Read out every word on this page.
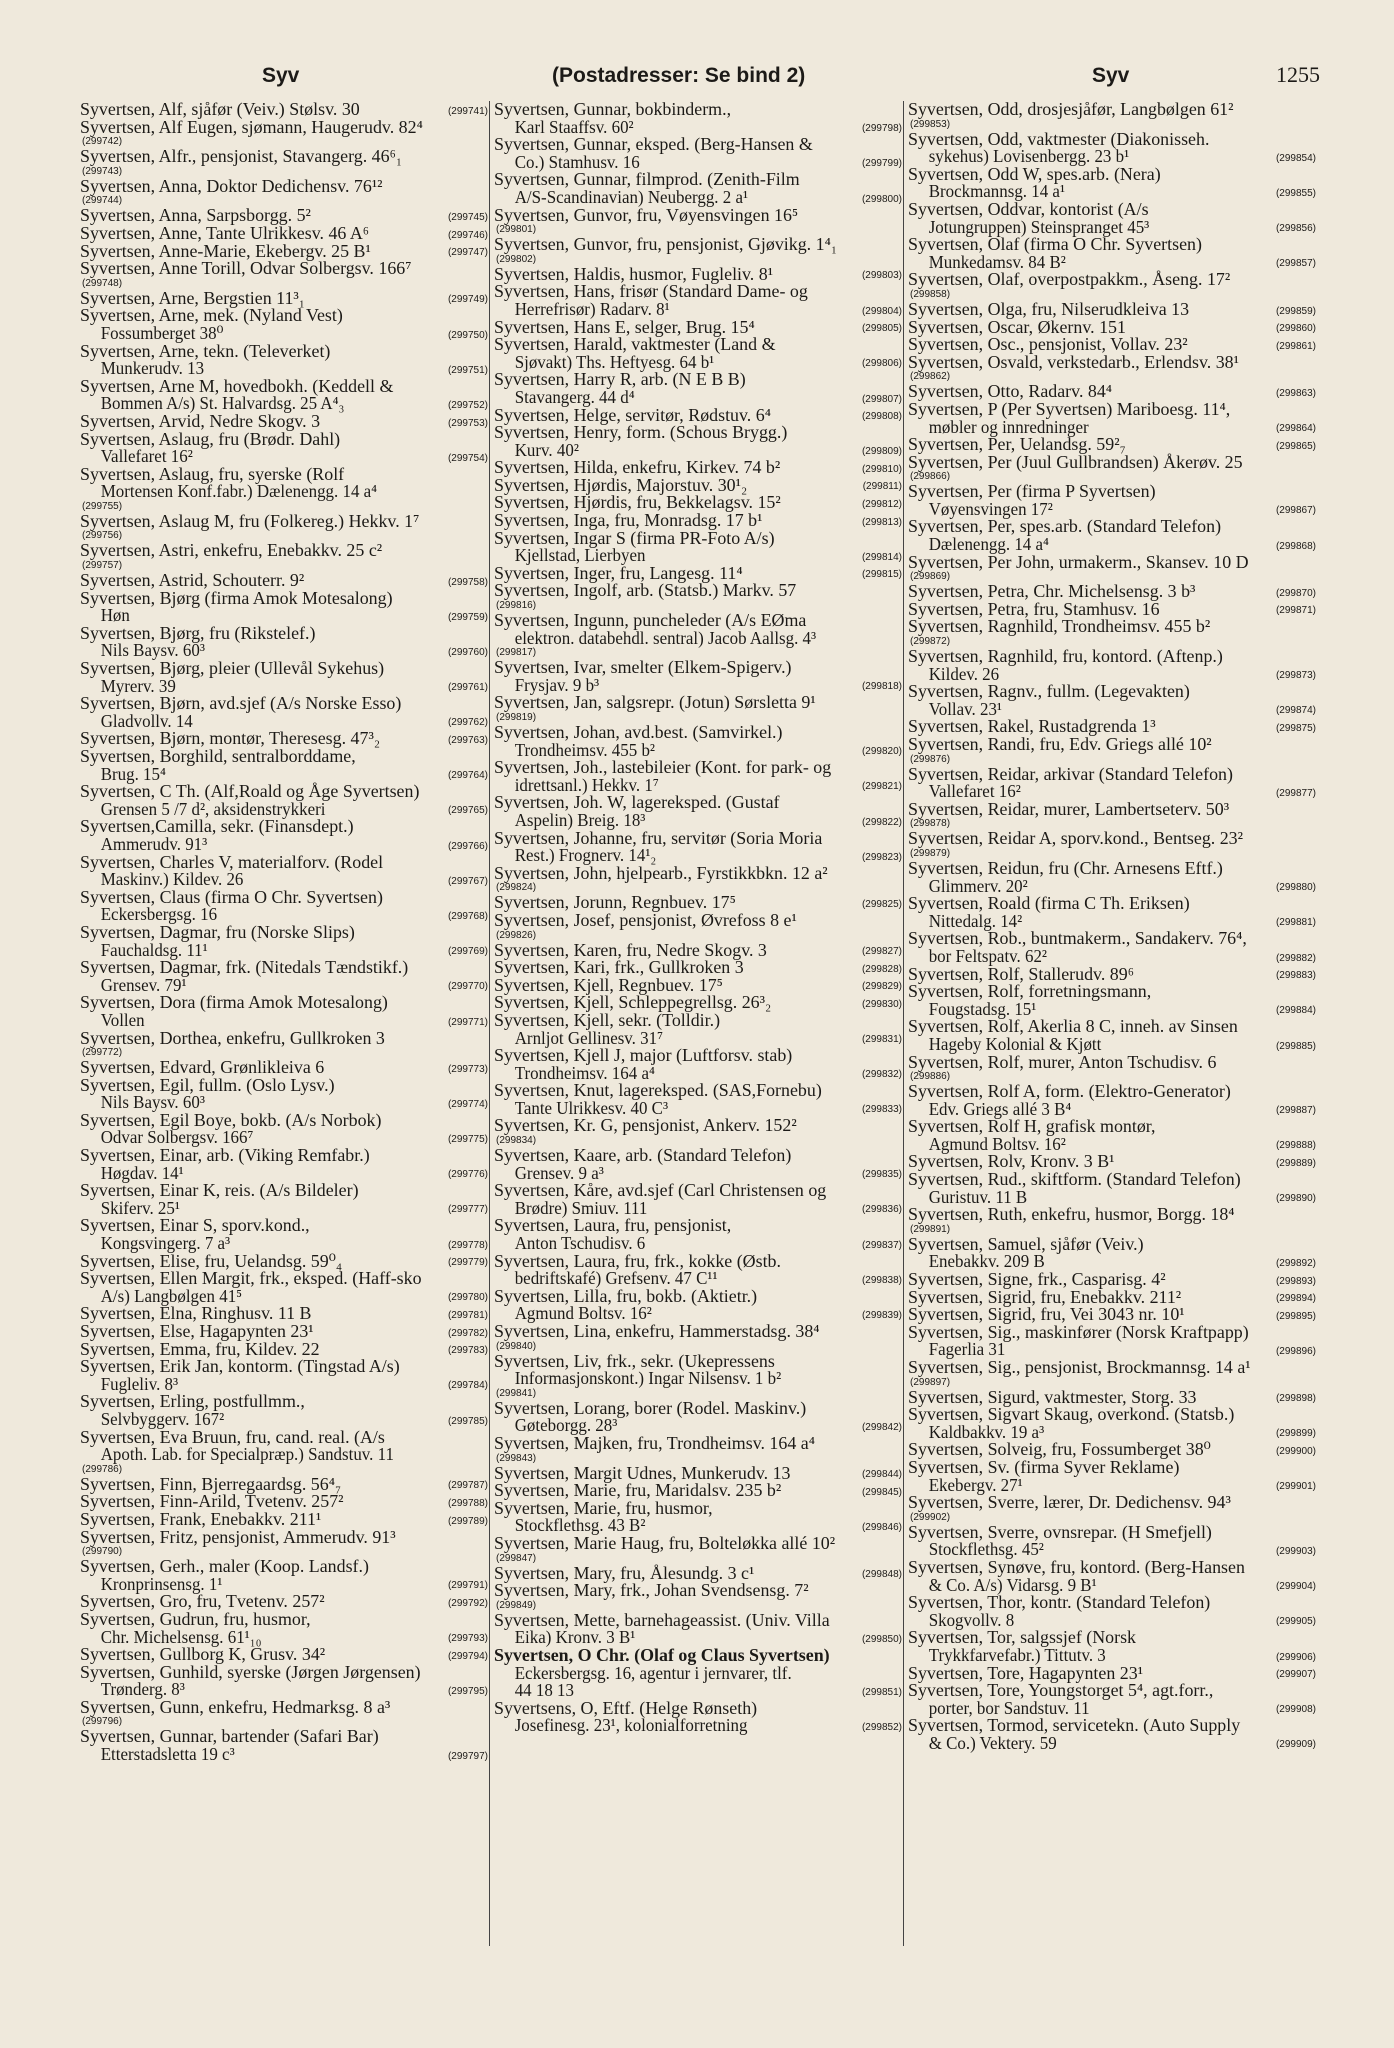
Syv	(Postadresser: Se bind 2)	Syv	1255
Syvertsen, Alf, sjåfør (Veiv.) Stølsv. 30	(299741)
Syvertsen, Alf Eugen, sjømann, Haugerudv. 82⁴
(299742)
Syvertsen, Alfr., pensjonist, Stavangerg. 46⁶₁
(299743)
Syvertsen, Anna, Doktor Dedichensv. 76¹²
(299744)
Syvertsen, Anna, Sarpsborgg. 5²	(299745)
Syvertsen, Anne, Tante Ulrikkesv. 46 A⁶	(299746)
Syvertsen, Anne-Marie, Ekebergv. 25 B¹	(299747)
Syvertsen, Anne Torill, Odvar Solbergsv. 166⁷
(299748)
Syvertsen, Arne, Bergstien 11³₁	(299749)
Syvertsen, Arne, mek. (Nyland Vest)
Fossumberget 38⁰	(299750)
Syvertsen, Arne, tekn. (Televerket)
Munkerudv. 13	(299751)
Syvertsen, Arne M, hovedbokh. (Keddell &
Bommen A/s) St. Halvardsg. 25 A⁴₃	(299752)
Syvertsen, Arvid, Nedre Skogv. 3	(299753)
Syvertsen, Aslaug, fru (Brødr. Dahl)
Vallefaret 16²	(299754)
Syvertsen, Aslaug, fru, syerske (Rolf
Mortensen Konf.fabr.) Dælenengg. 14 a⁴
(299755)
Syvertsen, Aslaug M, fru (Folkereg.) Hekkv. 1⁷
(299756)
Syvertsen, Astri, enkefru, Enebakkv. 25 c²
(299757)
Syvertsen, Astrid, Schouterr. 9²	(299758)
Syvertsen, Bjørg (firma Amok Motesalong)
Høn	(299759)
Syvertsen, Bjørg, fru (Rikstelef.)
Nils Baysv. 60³	(299760)
Syvertsen, Bjørg, pleier (Ullevål Sykehus)
Myrerv. 39	(299761)
Syvertsen, Bjørn, avd.sjef (A/s Norske Esso)
Gladvollv. 14	(299762)
Syvertsen, Bjørn, montør, Theresesg. 47³₂	(299763)
Syvertsen, Borghild, sentralborddame,
Brug. 15⁴	(299764)
Syvertsen, C Th. (Alf,Roald og Åge Syvertsen)
Grensen 5 /7 d², aksidenstrykkeri	(299765)
Syvertsen,Camilla, sekr. (Finansdept.)
Ammerudv. 91³	(299766)
Syvertsen, Charles V, materialforv. (Rodel
Maskinv.) Kildev. 26	(299767)
Syvertsen, Claus (firma O Chr. Syvertsen)
Eckersbergsg. 16	(299768)
Syvertsen, Dagmar, fru (Norske Slips)
Fauchaldsg. 11¹	(299769)
Syvertsen, Dagmar, frk. (Nitedals Tændstikf.)
Grensev. 79¹	(299770)
Syvertsen, Dora (firma Amok Motesalong)
Vollen	(299771)
Syvertsen, Dorthea, enkefru, Gullkroken 3
(299772)
Syvertsen, Edvard, Grønlikleiva 6	(299773)
Syvertsen, Egil, fullm. (Oslo Lysv.)
Nils Baysv. 60³	(299774)
Syvertsen, Egil Boye, bokb. (A/s Norbok)
Odvar Solbergsv. 166⁷	(299775)
Syvertsen, Einar, arb. (Viking Remfabr.)
Høgdav. 14¹	(299776)
Syvertsen, Einar K, reis. (A/s Bildeler)
Skiferv. 25¹	(299777)
Syvertsen, Einar S, sporv.kond.,
Kongsvingerg. 7 a³	(299778)
Syvertsen, Elise, fru, Uelandsg. 59⁰₄	(299779)
Syvertsen, Ellen Margit, frk., eksped. (Haff-sko
A/s) Langbølgen 41⁵	(299780)
Syvertsen, Elna, Ringhusv. 11 B	(299781)
Syvertsen, Else, Hagapynten 23¹	(299782)
Syvertsen, Emma, fru, Kildev. 22	(299783)
Syvertsen, Erik Jan, kontorm. (Tingstad A/s)
Fugleliv. 8³	(299784)
Syvertsen, Erling, postfullmm.,
Selvbyggerv. 167²	(299785)
Syvertsen, Eva Bruun, fru, cand. real. (A/s
Apoth. Lab. for Specialpræp.) Sandstuv. 11
(299786)
Syvertsen, Finn, Bjerregaardsg. 56⁴₇	(299787)
Syvertsen, Finn-Arild, Tvetenv. 257²	(299788)
Syvertsen, Frank, Enebakkv. 211¹	(299789)
Syvertsen, Fritz, pensjonist, Ammerudv. 91³
(299790)
Syvertsen, Gerh., maler (Koop. Landsf.)
Kronprinsensg. 1¹	(299791)
Syvertsen, Gro, fru, Tvetenv. 257²	(299792)
Syvertsen, Gudrun, fru, husmor,
Chr. Michelsensg. 61¹₁₀	(299793)
Syvertsen, Gullborg K, Grusv. 34²	(299794)
Syvertsen, Gunhild, syerske (Jørgen Jørgensen)
Trønderg. 8³	(299795)
Syvertsen, Gunn, enkefru, Hedmarksg. 8 a³
(299796)
Syvertsen, Gunnar, bartender (Safari Bar)
Etterstadsletta 19 c³	(299797)
Syvertsen, Gunnar, bokbinderm.,
Karl Staaffsv. 60²	(299798)
Syvertsen, Gunnar, eksped. (Berg-Hansen &
Co.) Stamhusv. 16	(299799)
Syvertsen, Gunnar, filmprod. (Zenith-Film
A/S-Scandinavian) Neubergg. 2 a¹	(299800)
Syvertsen, Gunvor, fru, Vøyensvingen 16⁵
(299801)
Syvertsen, Gunvor, fru, pensjonist, Gjøvikg. 1⁴₁
(299802)
Syvertsen, Haldis, husmor, Fugleliv. 8¹	(299803)
Syvertsen, Hans, frisør (Standard Dame- og
Herrefrisør) Radarv. 8¹	(299804)
Syvertsen, Hans E, selger, Brug. 15⁴	(299805)
Syvertsen, Harald, vaktmester (Land &
Sjøvakt) Ths. Heftyesg. 64 b¹	(299806)
Syvertsen, Harry R, arb. (N E B B)
Stavangerg. 44 d⁴	(299807)
Syvertsen, Helge, servitør, Rødstuv. 6⁴	(299808)
Syvertsen, Henry, form. (Schous Brygg.)
Kurv. 40²	(299809)
Syvertsen, Hilda, enkefru, Kirkev. 74 b²	(299810)
Syvertsen, Hjørdis, Majorstuv. 30¹₂	(299811)
Syvertsen, Hjørdis, fru, Bekkelagsv. 15²	(299812)
Syvertsen, Inga, fru, Monradsg. 17 b¹	(299813)
Syvertsen, Ingar S (firma PR-Foto A/s)
Kjellstad, Lierbyen	(299814)
Syvertsen, Inger, fru, Langesg. 11⁴	(299815)
Syvertsen, Ingolf, arb. (Statsb.) Markv. 57
(299816)
Syvertsen, Ingunn, puncheleder (A/s EØma
elektron. databehdl. sentral) Jacob Aallsg. 4³
(299817)
Syvertsen, Ivar, smelter (Elkem-Spigerv.)
Frysjav. 9 b³	(299818)
Syvertsen, Jan, salgsrepr. (Jotun) Sørsletta 9¹
(299819)
Syvertsen, Johan, avd.best. (Samvirkel.)
Trondheimsv. 455 b²	(299820)
Syvertsen, Joh., lastebileier (Kont. for park- og
idrettsanl.) Hekkv. 1⁷	(299821)
Syvertsen, Joh. W, lagereksped. (Gustaf
Aspelin) Breig. 18³	(299822)
Syvertsen, Johanne, fru, servitør (Soria Moria
Rest.) Frognerv. 14¹₂	(299823)
Syvertsen, John, hjelpearb., Fyrstikkbkn. 12 a²
(299824)
Syvertsen, Jorunn, Regnbuev. 17⁵	(299825)
Syvertsen, Josef, pensjonist, Øvrefoss 8 e¹
(299826)
Syvertsen, Karen, fru, Nedre Skogv. 3	(299827)
Syvertsen, Kari, frk., Gullkroken 3	(299828)
Syvertsen, Kjell, Regnbuev. 17⁵	(299829)
Syvertsen, Kjell, Schleppegrellsg. 26³₂	(299830)
Syvertsen, Kjell, sekr. (Tolldir.)
Arnljot Gellinesv. 31⁷	(299831)
Syvertsen, Kjell J, major (Luftforsv. stab)
Trondheimsv. 164 a⁴	(299832)
Syvertsen, Knut, lagereksped. (SAS,Fornebu)
Tante Ulrikkesv. 40 C³	(299833)
Syvertsen, Kr. G, pensjonist, Ankerv. 152²
(299834)
Syvertsen, Kaare, arb. (Standard Telefon)
Grensev. 9 a³	(299835)
Syvertsen, Kåre, avd.sjef (Carl Christensen og
Brødre) Smiuv. 111	(299836)
Syvertsen, Laura, fru, pensjonist,
Anton Tschudisv. 6	(299837)
Syvertsen, Laura, fru, frk., kokke (Østb.
bedriftskafé) Grefsenv. 47 C¹¹	(299838)
Syvertsen, Lilla, fru, bokb. (Aktietr.)
Agmund Boltsv. 16²	(299839)
Syvertsen, Lina, enkefru, Hammerstadsg. 38⁴
(299840)
Syvertsen, Liv, frk., sekr. (Ukepressens
Informasjonskont.) Ingar Nilsensv. 1 b²
(299841)
Syvertsen, Lorang, borer (Rodel. Maskinv.)
Gøteborgg. 28³	(299842)
Syvertsen, Majken, fru, Trondheimsv. 164 a⁴
(299843)
Syvertsen, Margit Udnes, Munkerudv. 13	(299844)
Syvertsen, Marie, fru, Maridalsv. 235 b²	(299845)
Syvertsen, Marie, fru, husmor,
Stockflethsg. 43 B²	(299846)
Syvertsen, Marie Haug, fru, Bolteløkka allé 10²
(299847)
Syvertsen, Mary, fru, Ålesundg. 3 c¹	(299848)
Syvertsen, Mary, frk., Johan Svendsensg. 7²
(299849)
Syvertsen, Mette, barnehageassist. (Univ. Villa
Eika) Kronv. 3 B¹	(299850)
Syvertsen, O Chr. (Olaf og Claus Syvertsen)
Eckersbergsg. 16, agentur i jernvarer, tlf.
44 18 13	(299851)
Syvertsens, O, Eftf. (Helge Rønseth)
Josefinesg. 23¹, kolonialforretning	(299852)
Syvertsen, Odd, drosjesjåfør, Langbølgen 61²
(299853)
Syvertsen, Odd, vaktmester (Diakonisseh.
sykehus) Lovisenbergg. 23 b¹	(299854)
Syvertsen, Odd W, spes.arb. (Nera)
Brockmannsg. 14 a¹	(299855)
Syvertsen, Oddvar, kontorist (A/s
Jotungruppen) Steinspranget 45³	(299856)
Syvertsen, Olaf (firma O Chr. Syvertsen)
Munkedamsv. 84 B²	(299857)
Syvertsen, Olaf, overpostpakkm., Åseng. 17²
(299858)
Syvertsen, Olga, fru, Nilserudkleiva 13	(299859)
Syvertsen, Oscar, Økernv. 151	(299860)
Syvertsen, Osc., pensjonist, Vollav. 23²	(299861)
Syvertsen, Osvald, verkstedarb., Erlendsv. 38¹
(299862)
Syvertsen, Otto, Radarv. 84⁴	(299863)
Syvertsen, P (Per Syvertsen) Mariboesg. 11⁴,
møbler og innredninger	(299864)
Syvertsen, Per, Uelandsg. 59²₇	(299865)
Syvertsen, Per (Juul Gullbrandsen) Åkerøv. 25
(299866)
Syvertsen, Per (firma P Syvertsen)
Vøyensvingen 17²	(299867)
Syvertsen, Per, spes.arb. (Standard Telefon)
Dælenengg. 14 a⁴	(299868)
Syvertsen, Per John, urmakerm., Skansev. 10 D
(299869)
Syvertsen, Petra, Chr. Michelsensg. 3 b³	(299870)
Syvertsen, Petra, fru, Stamhusv. 16	(299871)
Syvertsen, Ragnhild, Trondheimsv. 455 b²
(299872)
Syvertsen, Ragnhild, fru, kontord. (Aftenp.)
Kildev. 26	(299873)
Syvertsen, Ragnv., fullm. (Legevakten)
Vollav. 23¹	(299874)
Syvertsen, Rakel, Rustadgrenda 1³	(299875)
Syvertsen, Randi, fru, Edv. Griegs allé 10²
(299876)
Syvertsen, Reidar, arkivar (Standard Telefon)
Vallefaret 16²	(299877)
Syvertsen, Reidar, murer, Lambertseterv. 50³
(299878)
Syvertsen, Reidar A, sporv.kond., Bentseg. 23²
(299879)
Syvertsen, Reidun, fru (Chr. Arnesens Eftf.)
Glimmerv. 20²	(299880)
Syvertsen, Roald (firma C Th. Eriksen)
Nittedalg. 14²	(299881)
Syvertsen, Rob., buntmakerm., Sandakerv. 76⁴,
bor Feltspatv. 62²	(299882)
Syvertsen, Rolf, Stallerudv. 89⁶	(299883)
Syvertsen, Rolf, forretningsmann,
Fougstadsg. 15¹	(299884)
Syvertsen, Rolf, Akerlia 8 C, inneh. av Sinsen
Hageby Kolonial & Kjøtt	(299885)
Syvertsen, Rolf, murer, Anton Tschudisv. 6
(299886)
Syvertsen, Rolf A, form. (Elektro-Generator)
Edv. Griegs allé 3 B⁴	(299887)
Syvertsen, Rolf H, grafisk montør,
Agmund Boltsv. 16²	(299888)
Syvertsen, Rolv, Kronv. 3 B¹	(299889)
Syvertsen, Rud., skiftform. (Standard Telefon)
Guristuv. 11 B	(299890)
Syvertsen, Ruth, enkefru, husmor, Borgg. 18⁴
(299891)
Syvertsen, Samuel, sjåfør (Veiv.)
Enebakkv. 209 B	(299892)
Syvertsen, Signe, frk., Casparisg. 4²	(299893)
Syvertsen, Sigrid, fru, Enebakkv. 211²	(299894)
Syvertsen, Sigrid, fru, Vei 3043 nr. 10¹	(299895)
Syvertsen, Sig., maskinfører (Norsk Kraftpapp)
Fagerlia 31	(299896)
Syvertsen, Sig., pensjonist, Brockmannsg. 14 a¹
(299897)
Syvertsen, Sigurd, vaktmester, Storg. 33	(299898)
Syvertsen, Sigvart Skaug, overkond. (Statsb.)
Kaldbakkv. 19 a³	(299899)
Syvertsen, Solveig, fru, Fossumberget 38⁰	(299900)
Syvertsen, Sv. (firma Syver Reklame)
Ekebergv. 27¹	(299901)
Syvertsen, Sverre, lærer, Dr. Dedichensv. 94³
(299902)
Syvertsen, Sverre, ovnsrepar. (H Smefjell)
Stockflethsg. 45²	(299903)
Syvertsen, Synøve, fru, kontord. (Berg-Hansen
& Co. A/s) Vidarsg. 9 B¹	(299904)
Syvertsen, Thor, kontr. (Standard Telefon)
Skogvollv. 8	(299905)
Syvertsen, Tor, salgssjef (Norsk
Trykkfarvefabr.) Tittutv. 3	(299906)
Syvertsen, Tore, Hagapynten 23¹	(299907)
Syvertsen, Tore, Youngstorget 5⁴, agt.forr.,
porter, bor Sandstuv. 11	(299908)
Syvertsen, Tormod, servicetekn. (Auto Supply
& Co.) Vektery. 59	(299909)
